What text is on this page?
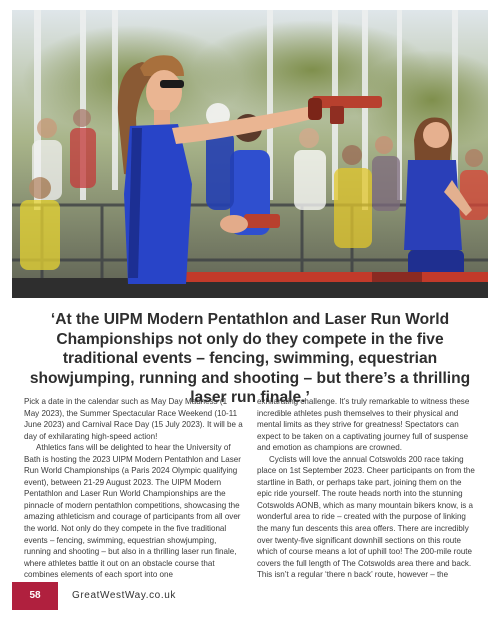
‘At the UIPM Modern Pentathlon and Laser Run World Championships not only do they compete in the five traditional events – fencing, swimming, equestrian showjumping, running and shooting – but there’s a thrilling laser run finale.’

Pick a date in the calendar such as May Day Madness (1 May 2023), the Summer Spectacular Race Weekend (10-11 June 2023) and Carnival Race Day (15 July 2023). It will be a day of exhilarating high-speed action!

Athletics fans will be delighted to hear the University of Bath is hosting the 2023 UIPM Modern Pentathlon and Laser Run World Championships (a Paris 2024 Olympic qualifying event), between 21-29 August 2023. The UIPM Modern Pentathlon and Laser Run World Championships are the pinnacle of modern pentathlon competitions, showcasing the amazing athleticism and courage of participants from all over the world. Not only do they compete in the five traditional events – fencing, swimming, equestrian showjumping, running and shooting – but also in a thrilling laser run finale, where athletes battle it out on an obstacle course that combines elements of each sport into one

exhilarating challenge. It’s truly remarkable to witness these incredible athletes push themselves to their physical and mental limits as they strive for greatness! Spectators can expect to be taken on a captivating journey full of suspense and emotion as champions are crowned.

Cyclists will love the annual Cotswolds 200 race taking place on 1st September 2023. Cheer participants on from the startline in Bath, or perhaps take part, joining them on the epic ride yourself. The route heads north into the stunning Cotswolds AONB, which as many mountain bikers know, is a wonderful area to ride – created with the purpose of linking the many fun descents this area offers. There are incredibly over twenty-five significant downhill sections on this route which of course means a lot of uphill too! The 200-mile route covers the full length of The Cotswolds area there and back. This isn’t a regular ‘there n back’ route, however – the

58	GreatWestWay.co.uk
